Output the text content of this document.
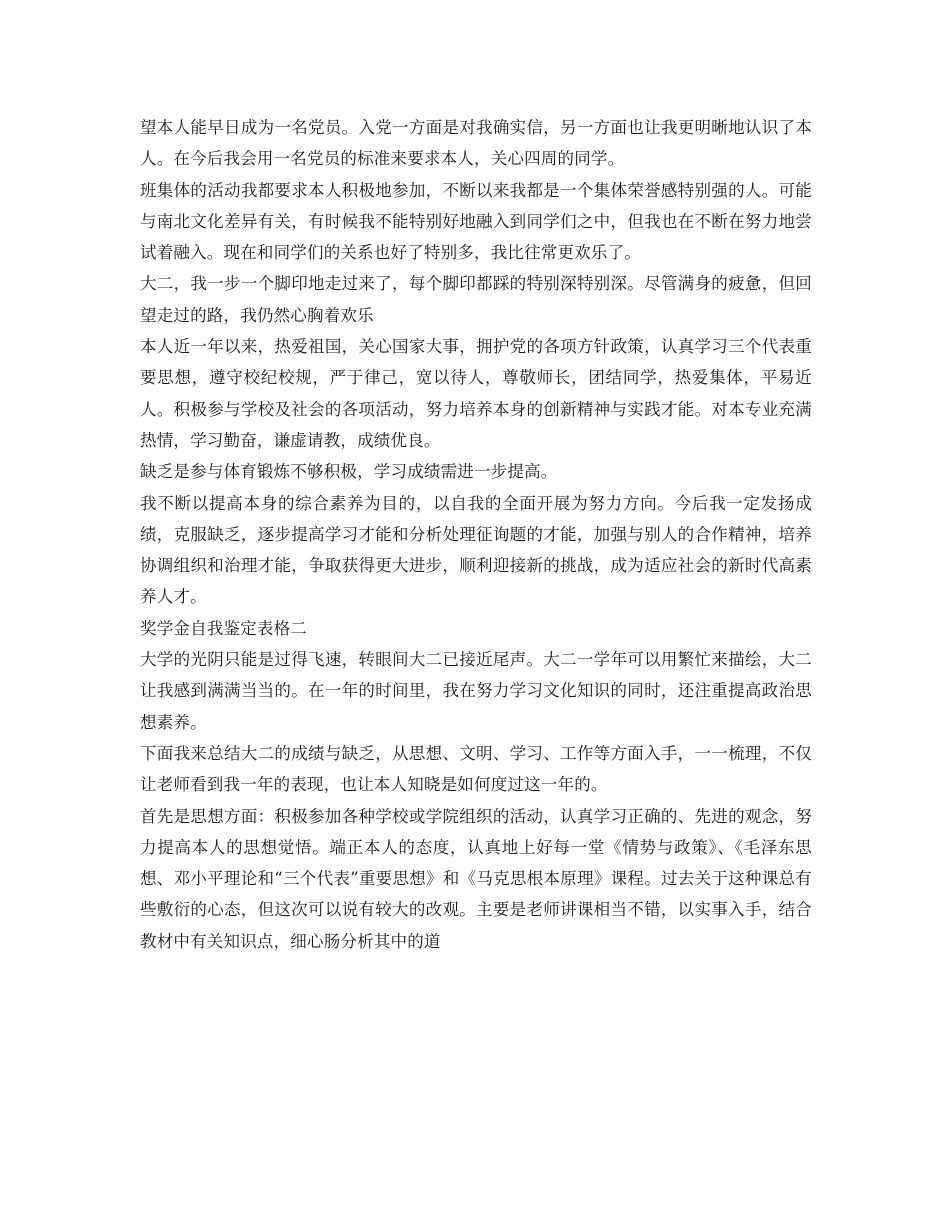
望本人能早日成为一名党员。入党一方面是对我确实信，另一方面也让我更明晰地认识了本人。在今后我会用一名党员的标准来要求本人，关心四周的同学。

班集体的活动我都要求本人积极地参加，不断以来我都是一个集体荣誉感特别强的人。可能与南北文化差异有关，有时候我不能特别好地融入到同学们之中，但我也在不断在努力地尝试着融入。现在和同学们的关系也好了特别多，我比往常更欢乐了。

大二，我一步一个脚印地走过来了，每个脚印都踩的特别深特别深。尽管满身的疲惫，但回望走过的路，我仍然心胸着欢乐

本人近一年以来，热爱祖国，关心国家大事，拥护党的各项方针政策，认真学习三个代表重要思想，遵守校纪校规，严于律己，宽以待人，尊敬师长，团结同学，热爱集体，平易近人。积极参与学校及社会的各项活动，努力培养本身的创新精神与实践才能。对本专业充满热情，学习勤奋，谦虚请教，成绩优良。

缺乏是参与体育锻炼不够积极，学习成绩需进一步提高。

我不断以提高本身的综合素养为目的，以自我的全面开展为努力方向。今后我一定发扬成绩，克服缺乏，逐步提高学习才能和分析处理征询题的才能，加强与别人的合作精神，培养协调组织和治理才能，争取获得更大进步，顺利迎接新的挑战，成为适应社会的新时代高素养人才。

奖学金自我鉴定表格二

大学的光阴只能是过得飞速，转眼间大二已接近尾声。大二一学年可以用繁忙来描绘，大二让我感到满满当当的。在一年的时间里，我在努力学习文化知识的同时，还注重提高政治思想素养。

下面我来总结大二的成绩与缺乏，从思想、文明、学习、工作等方面入手，一一梳理，不仅让老师看到我一年的表现，也让本人知晓是如何度过这一年的。

首先是思想方面：积极参加各种学校或学院组织的活动，认真学习正确的、先进的观念，努力提高本人的思想觉悟。端正本人的态度，认真地上好每一堂《情势与政策》、《毛泽东思想、邓小平理论和“三个代表”重要思想》和《马克思根本原理》课程。过去关于这种课总有些敷衍的心态，但这次可以说有较大的改观。主要是老师讲课相当不错，以实事入手，结合教材中有关知识点，细心肠分析其中的道
